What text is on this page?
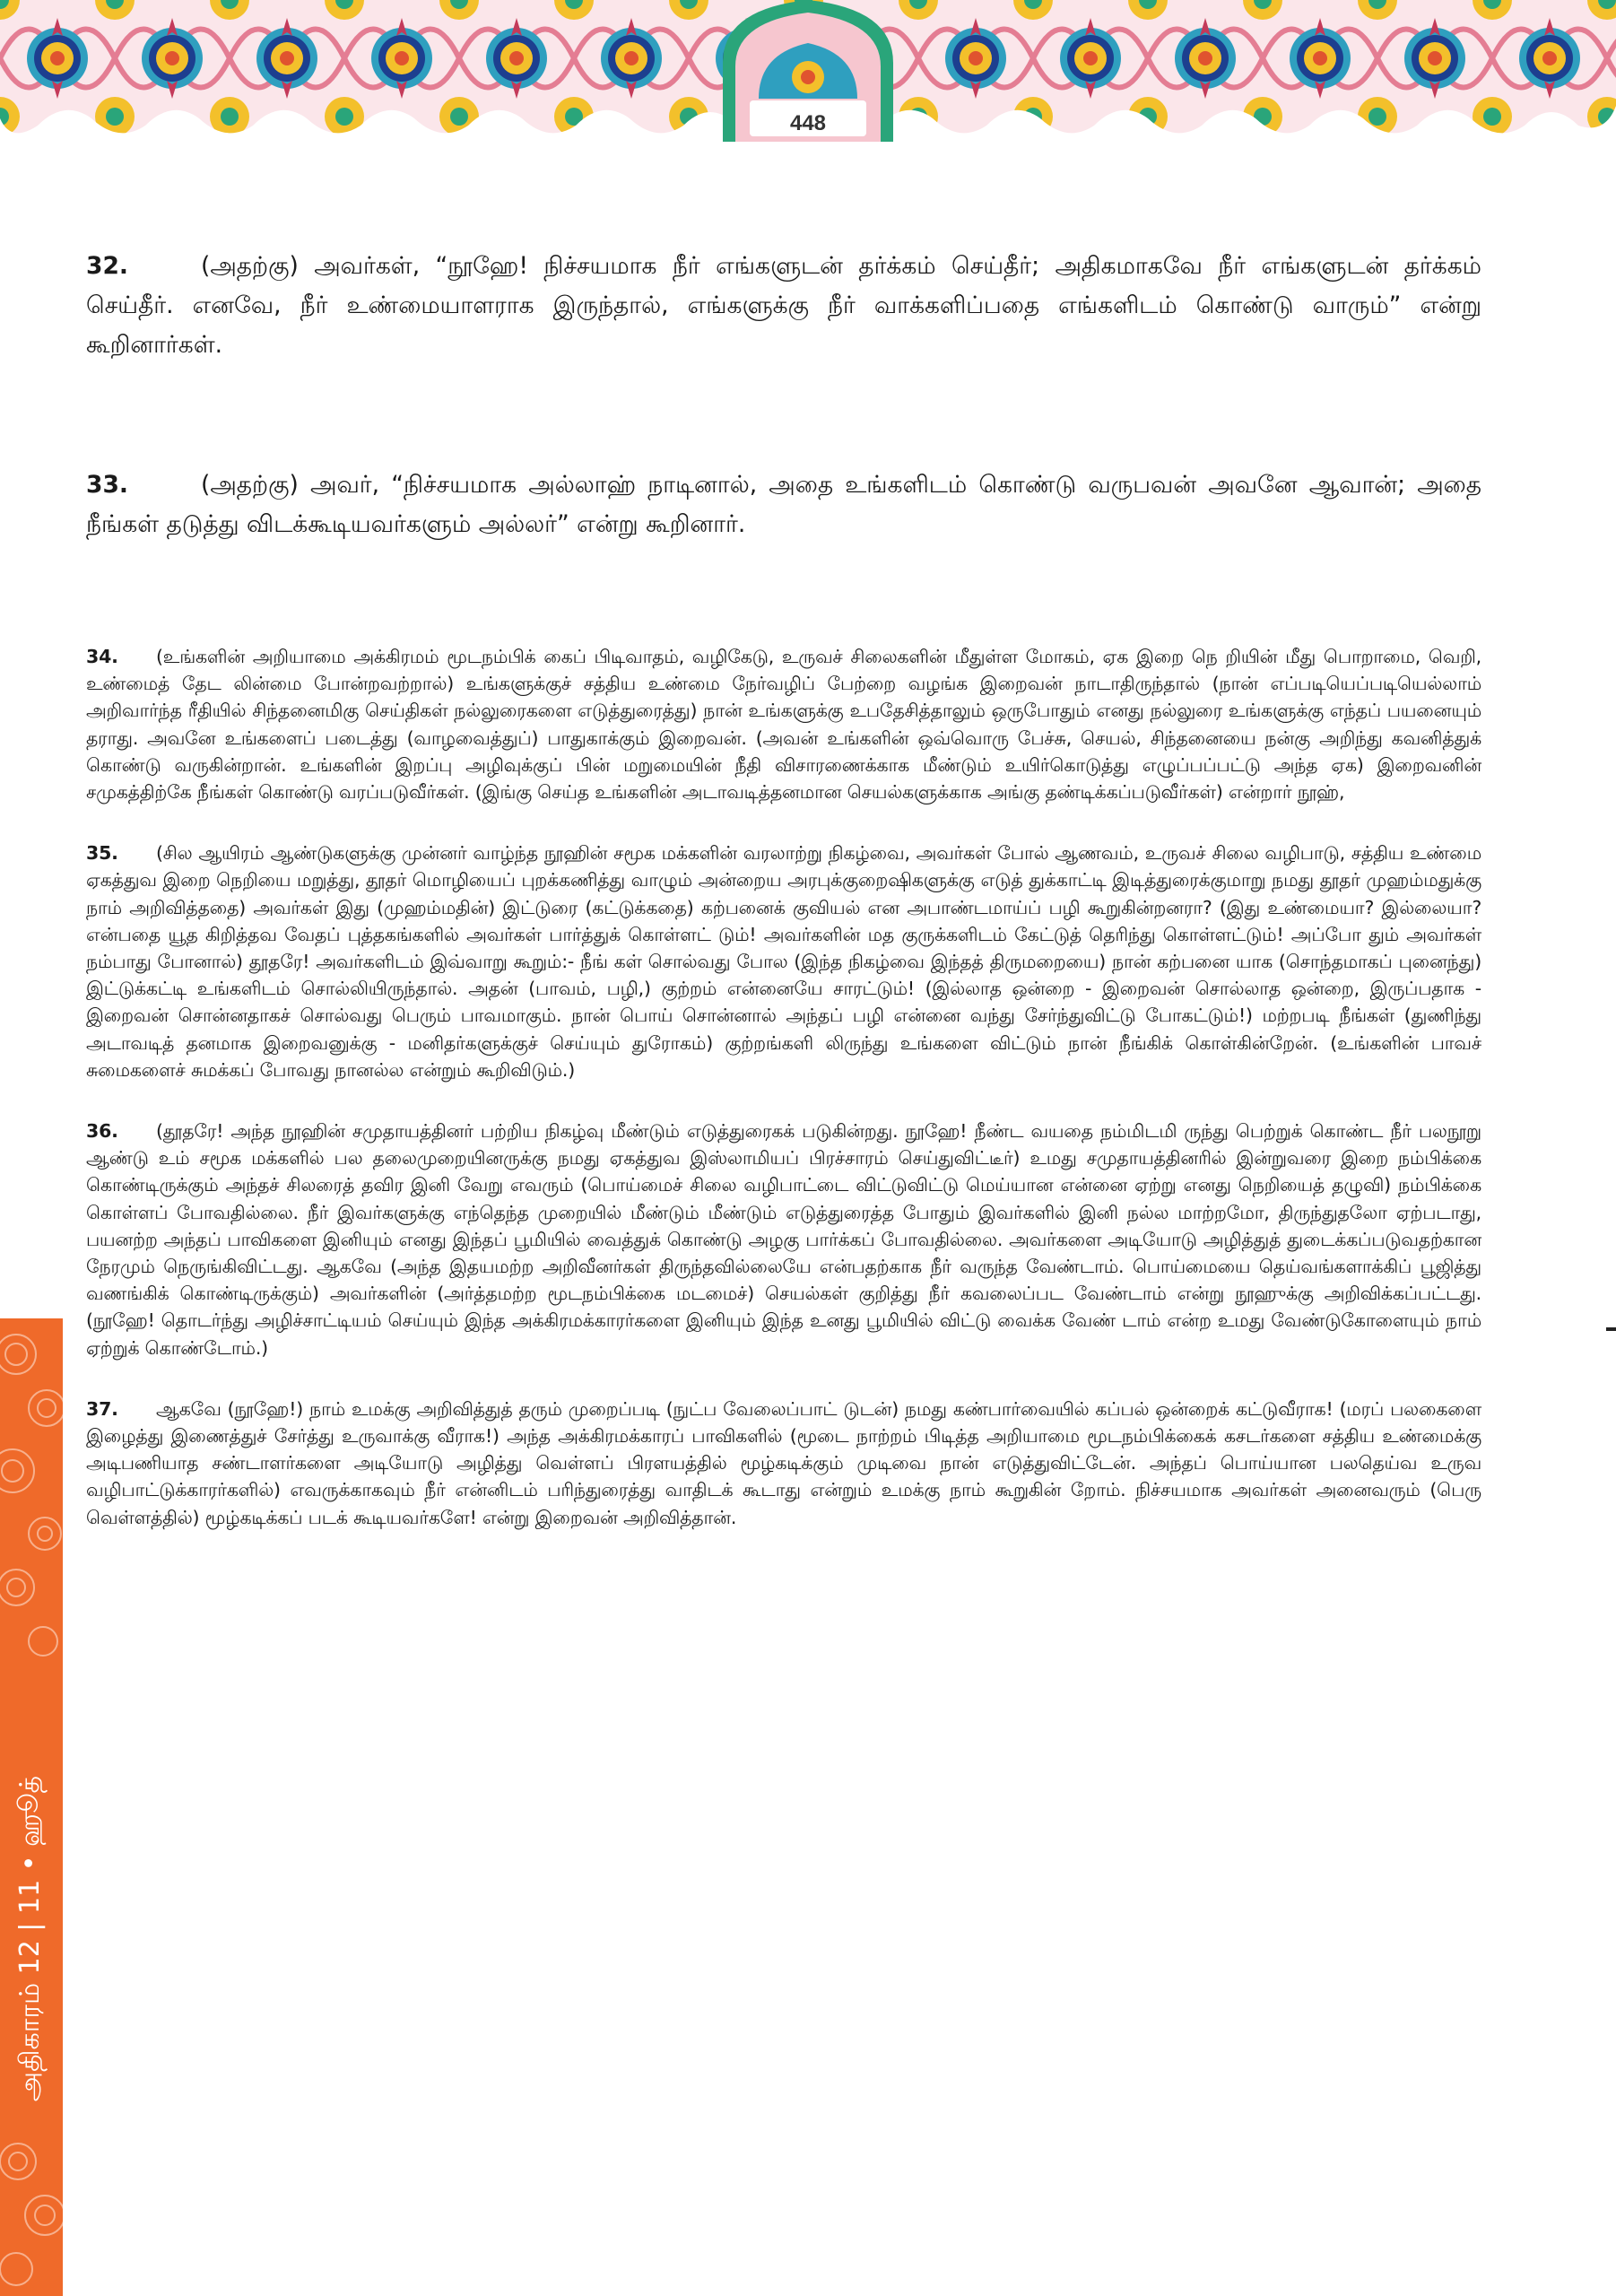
448
அதிகாரம் 12 | 11 • ஹூத்

32.	(அதற்கு) அவர்கள், “நூஹே! நிச்சயமாக நீர் எங்களுடன் தர்க்கம் செய்தீர்; அதிகமாகவே நீர் எங்களுடன் தர்க்கம் செய்தீர். எனவே, நீர் உண்மையாளராக இருந்தால், எங்களுக்கு நீர் வாக்களிப்பதை எங்களிடம் கொண்டு வாரும்” என்று கூறினார்கள்.

33.	(அதற்கு) அவர், “நிச்சயமாக அல்லாஹ் நாடினால், அதை உங்களிடம் கொண்டு வருபவன் அவனே ஆவான்; அதை நீங்கள் தடுத்து விடக்கூடியவர்களும் அல்லர்” என்று கூறினார்.

34. (உங்களின் அறியாமை அக்கிரமம் மூடநம்பிக் கைப் பிடிவாதம், வழிகேடு, உருவச் சிலைகளின் மீதுள்ள மோகம், ஏக இறை நெ றியின் மீது பொறாமை, வெறி, உண்மைத் தேட லின்மை போன்றவற்றால்) உங்களுக்குச் சத்திய உண்மை நேர்வழிப் பேற்றை வழங்க இறைவன் நாடாதிருந்தால் (நான் எப்படியெப்படியெல்லாம் அறிவார்ந்த ரீதியில் சிந்தனைமிகு செய்திகள் நல்லுரைகளை எடுத்துரைத்து) நான் உங்களுக்கு உபதேசித்தாலும் ஒருபோதும் எனது நல்லுரை உங்களுக்கு எந்தப் பயனையும் தராது. அவனே உங்களைப் படைத்து (வாழவைத்துப்) பாதுகாக்கும் இறைவன். (அவன் உங்களின் ஒவ்வொரு பேச்சு, செயல், சிந்தனையை நன்கு அறிந்து கவனித்துக் கொண்டு வருகின்றான். உங்களின் இறப்பு அழிவுக்குப் பின் மறுமையின் நீதி விசாரணைக்காக மீண்டும் உயிர்கொடுத்து எழுப்பப்பட்டு அந்த ஏக) இறைவனின் சமுகத்திற்கே நீங்கள் கொண்டு வரப்படுவீர்கள். (இங்கு செய்த உங்களின் அடாவடித்தனமான செயல்களுக்காக அங்கு தண்டிக்கப்படுவீர்கள்) என்றார் நூஹ்,

35. (சில ஆயிரம் ஆண்டுகளுக்கு முன்னர் வாழ்ந்த நூஹின் சமூக மக்களின் வரலாற்று நிகழ்வை, அவர்கள் போல் ஆணவம், உருவச் சிலை வழிபாடு, சத்திய உண்மை ஏகத்துவ இறை நெறியை மறுத்து, தூதர் மொழியைப் புறக்கணித்து வாழும் அன்றைய அரபுக்குறைஷிகளுக்கு எடுத் துக்காட்டி இடித்துரைக்குமாறு நமது தூதர் முஹம்மதுக்கு நாம் அறிவித்ததை) அவர்கள் இது (முஹம்மதின்) இட்டுரை (கட்டுக்கதை) கற்பனைக் குவியல் என அபாண்டமாய்ப் பழி கூறுகின்றனரா? (இது உண்மையா? இல்லையா? என்பதை யூத கிறித்தவ வேதப் புத்தகங்களில் அவர்கள் பார்த்துக் கொள்ளட் டும்! அவர்களின் மத குருக்களிடம் கேட்டுத் தெரிந்து கொள்ளட்டும்! அப்போ தும் அவர்கள் நம்பாது போனால்) தூதரே! அவர்களிடம் இவ்வாறு கூறும்:- நீங் கள் சொல்வது போல (இந்த நிகழ்வை இந்தத் திருமறையை) நான் கற்பனை யாக (சொந்தமாகப் புனைந்து) இட்டுக்கட்டி உங்களிடம் சொல்லியிருந்தால். அதன் (பாவம், பழி,) குற்றம் என்னையே சாரட்டும்! (இல்லாத ஒன்றை - இறைவன் சொல்லாத ஒன்றை, இருப்பதாக - இறைவன் சொன்னதாகச் சொல்வது பெரும் பாவமாகும். நான் பொய் சொன்னால் அந்தப் பழி என்னை வந்து சேர்ந்துவிட்டு போகட்டும்!) மற்றபடி நீங்கள் (துணிந்து அடாவடித் தனமாக இறைவனுக்கு - மனிதர்களுக்குச் செய்யும் துரோகம்) குற்றங்களி லிருந்து உங்களை விட்டும் நான் நீங்கிக் கொள்கின்றேன். (உங்களின் பாவச் சுமைகளைச் சுமக்கப் போவது நானல்ல என்றும் கூறிவிடும்.)

36. (தூதரே! அந்த நூஹின் சமுதாயத்தினர் பற்றிய நிகழ்வு மீண்டும் எடுத்துரைகக் படுகின்றது. நூஹே! நீண்ட வயதை நம்மிடமி ருந்து பெற்றுக் கொண்ட நீர் பலநூறு ஆண்டு உம் சமூக மக்களில் பல தலைமுறையினருக்கு நமது ஏகத்துவ இஸ்லாமியப் பிரச்சாரம் செய்துவிட்டீர்) உமது சமுதாயத்தினரில் இன்றுவரை இறை நம்பிக்கை கொண்டிருக்கும் அந்தச் சிலரைத் தவிர இனி வேறு எவரும் (பொய்மைச் சிலை வழிபாட்டை விட்டுவிட்டு மெய்யான என்னை ஏற்று எனது நெறியைத் தழுவி) நம்பிக்கை கொள்ளப் போவதில்லை. நீர் இவர்களுக்கு எந்தெந்த முறையில் மீண்டும் மீண்டும் எடுத்துரைத்த போதும் இவர்களில் இனி நல்ல மாற்றமோ, திருந்துதலோ ஏற்படாது, பயனற்ற அந்தப் பாவிகளை இனியும் எனது இந்தப் பூமியில் வைத்துக் கொண்டு அழகு பார்க்கப் போவதில்லை. அவர்களை அடியோடு அழித்துத் துடைக்கப்படுவதற்கான நேரமும் நெருங்கிவிட்டது. ஆகவே (அந்த இதயமற்ற அறிவீனர்கள் திருந்தவில்லையே என்பதற்காக நீர் வருந்த வேண்டாம். பொய்மையை தெய்வங்களாக்கிப் பூஜித்து வணங்கிக் கொண்டிருக்கும்) அவர்களின் (அர்த்தமற்ற மூடநம்பிக்கை மடமைச்) செயல்கள் குறித்து நீர் கவலைப்பட வேண்டாம் என்று நூஹுக்கு அறிவிக்கப்பட்டது. (நூஹே! தொடர்ந்து அழிச்சாட்டியம் செய்யும் இந்த அக்கிரமக்காரர்களை இனியும் இந்த உனது பூமியில் விட்டு வைக்க வேண் டாம் என்ற உமது வேண்டுகோளையும் நாம் ஏற்றுக் கொண்டோம்.)

37. ஆகவே (நூஹே!) நாம் உமக்கு அறிவித்துத் தரும் முறைப்படி (நுட்ப வேலைப்பாட் டுடன்) நமது கண்பார்வையில் கப்பல் ஒன்றைக் கட்டுவீராக! (மரப் பலகைளை இழைத்து இணைத்துச் சேர்த்து உருவாக்கு வீராக!) அந்த அக்கிரமக்காரப் பாவிகளில் (மூடை நாற்றம் பிடித்த அறியாமை மூடநம்பிக்கைக் கசடர்களை சத்திய உண்மைக்கு அடிபணியாத சண்டாளர்களை அடியோடு அழித்து வெள்ளப் பிரளயத்தில் மூழ்கடிக்கும் முடிவை நான் எடுத்துவிட்டேன். அந்தப் பொய்யான பலதெய்வ உருவ வழிபாட்டுக்காரர்களில்) எவருக்காகவும் நீர் என்னிடம் பரிந்துரைத்து வாதிடக் கூடாது என்றும் உமக்கு நாம் கூறுகின் றோம். நிச்சயமாக அவர்கள் அனைவரும் (பெரு வெள்ளத்தில்) மூழ்கடிக்கப் படக் கூடியவர்களே! என்று இறைவன் அறிவித்தான்.
